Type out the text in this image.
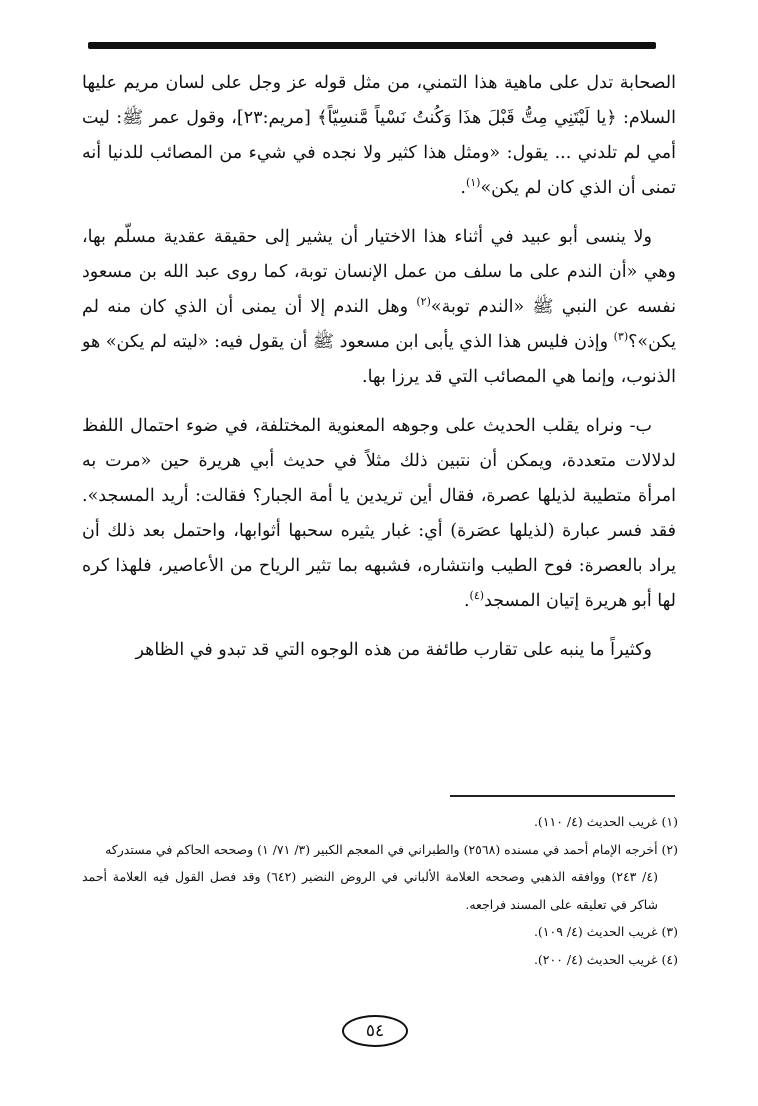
الصحابة تدل على ماهية هذا التمني، من مثل قوله عز وجل على لسان مريم عليها السلام: ﴿يا لَيْتَنِي مِتُّ قَبْلَ هذَا وَكُنتُ نَسْياً مَّنسِيّاً﴾ [مريم:٢٣]، وقول عمر ﷺ: ليت أمي لم تلدني ... يقول: «ومثل هذا كثير ولا نجده في شيء من المصائب للدنيا أنه تمنى أن الذي كان لم يكن»$^{(١)}$.

ولا ينسى أبو عبيد في أثناء هذا الاختيار أن يشير إلى حقيقة عقدية مسلّم بها، وهي «أن الندم على ما سلف من عمل الإنسان توبة، كما روى عبد الله بن مسعود نفسه عن النبي ﷺ «الندم توبة»$^{(٢)}$ وهل الندم إلا أن يمنى أن الذي كان منه لم يكن»؟$^{(٣)}$ وإذن فليس هذا الذي يأبى ابن مسعود ﷺ أن يقول فيه: «ليته لم يكن» هو الذنوب، وإنما هي المصائب التي قد يرزا بها.

ب- ونراه يقلب الحديث على وجوهه المعنوية المختلفة، في ضوء احتمال اللفظ لدلالات متعددة، ويمكن أن نتبين ذلك مثلاً في حديث أبي هريرة حين «مرت به امرأة متطيبة لذيلها عصرة، فقال أين تريدين يا أمة الجبار؟ فقالت: أريد المسجد». فقد فسر عبارة (لذيلها عصَرة) أي: غبار يثيره سحبها أثوابها، واحتمل بعد ذلك أن يراد بالعصرة: فوح الطيب وانتشاره، فشبهه بما تثير الرياح من الأعاصير، فلهذا كره لها أبو هريرة إتيان المسجد$^{(٤)}$.

وكثيراً ما ينبه على تقارب طائفة من هذه الوجوه التي قد تبدو في الظاهر

(١) غريب الحديث (٤/ ١١٠).

(٢) أخرجه الإمام أحمد في مسنده (٢٥٦٨) والطبراني في المعجم الكبير (٣/ ٧١/ ١) وصححه الحاكم في مستدركه
(٤/ ٢٤٣) ووافقه الذهبي وصححه العلامة الألباني في الروض النضير (٦٤٢) وقد فصل القول فيه العلامة أحمد شاكر في تعليقه على المسند فراجعه.

(٣) غريب الحديث (٤/ ١٠٩).

(٤) غريب الحديث (٤/ ٢٠٠).

٥٤
